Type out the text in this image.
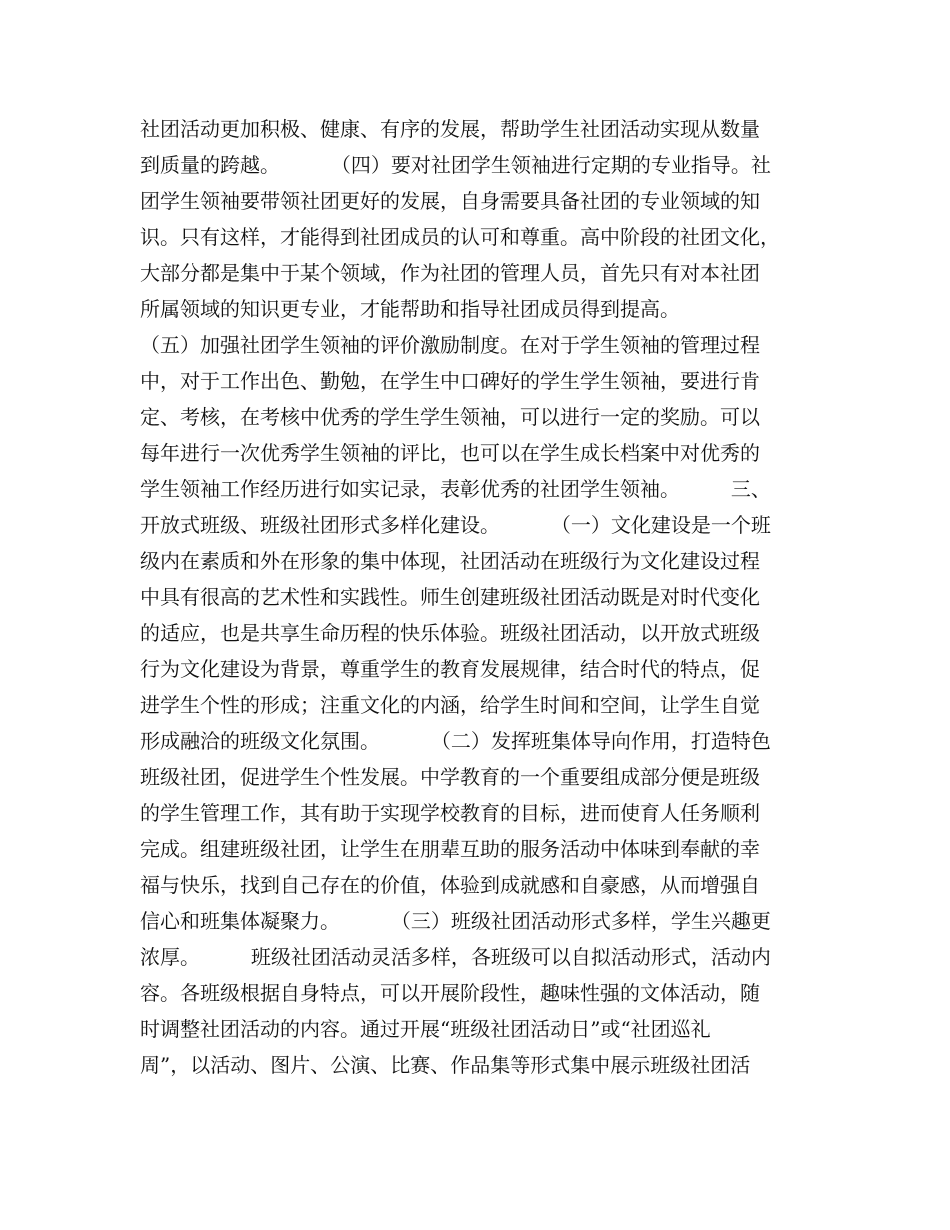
社团活动更加积极、健康、有序的发展，帮助学生社团活动实现从数量
到质量的跨越。        （四）要对社团学生领袖进行定期的专业指导。社
团学生领袖要带领社团更好的发展，自身需要具备社团的专业领域的知
识。只有这样，才能得到社团成员的认可和尊重。高中阶段的社团文化，
大部分都是集中于某个领域，作为社团的管理人员，首先只有对本社团
所属领域的知识更专业，才能帮助和指导社团成员得到提高。
（五）加强社团学生领袖的评价激励制度。在对于学生领袖的管理过程
中，对于工作出色、勤勉，在学生中口碑好的学生学生领袖，要进行肯
定、考核，在考核中优秀的学生学生领袖，可以进行一定的奖励。可以
每年进行一次优秀学生领袖的评比，也可以在学生成长档案中对优秀的
学生领袖工作经历进行如实记录，表彰优秀的社团学生领袖。        三、
开放式班级、班级社团形式多样化建设。        （一）文化建设是一个班
级内在素质和外在形象的集中体现，社团活动在班级行为文化建设过程
中具有很高的艺术性和实践性。师生创建班级社团活动既是对时代变化
的适应，也是共享生命历程的快乐体验。班级社团活动，以开放式班级
行为文化建设为背景，尊重学生的教育发展规律，结合时代的特点，促
进学生个性的形成；注重文化的内涵，给学生时间和空间，让学生自觉
形成融洽的班级文化氛围。        （二）发挥班集体导向作用，打造特色
班级社团，促进学生个性发展。中学教育的一个重要组成部分便是班级
的学生管理工作，其有助于实现学校教育的目标，进而使育人任务顺利
完成。组建班级社团，让学生在朋辈互助的服务活动中体味到奉献的幸
福与快乐，找到自己存在的价值，体验到成就感和自豪感，从而增强自
信心和班集体凝聚力。        （三）班级社团活动形式多样，学生兴趣更
浓厚。        班级社团活动灵活多样，各班级可以自拟活动形式，活动内
容。各班级根据自身特点，可以开展阶段性，趣味性强的文体活动，随
时调整社团活动的内容。通过开展“班级社团活动日”或“社团巡礼
周”，以活动、图片、公演、比赛、作品集等形式集中展示班级社团活
